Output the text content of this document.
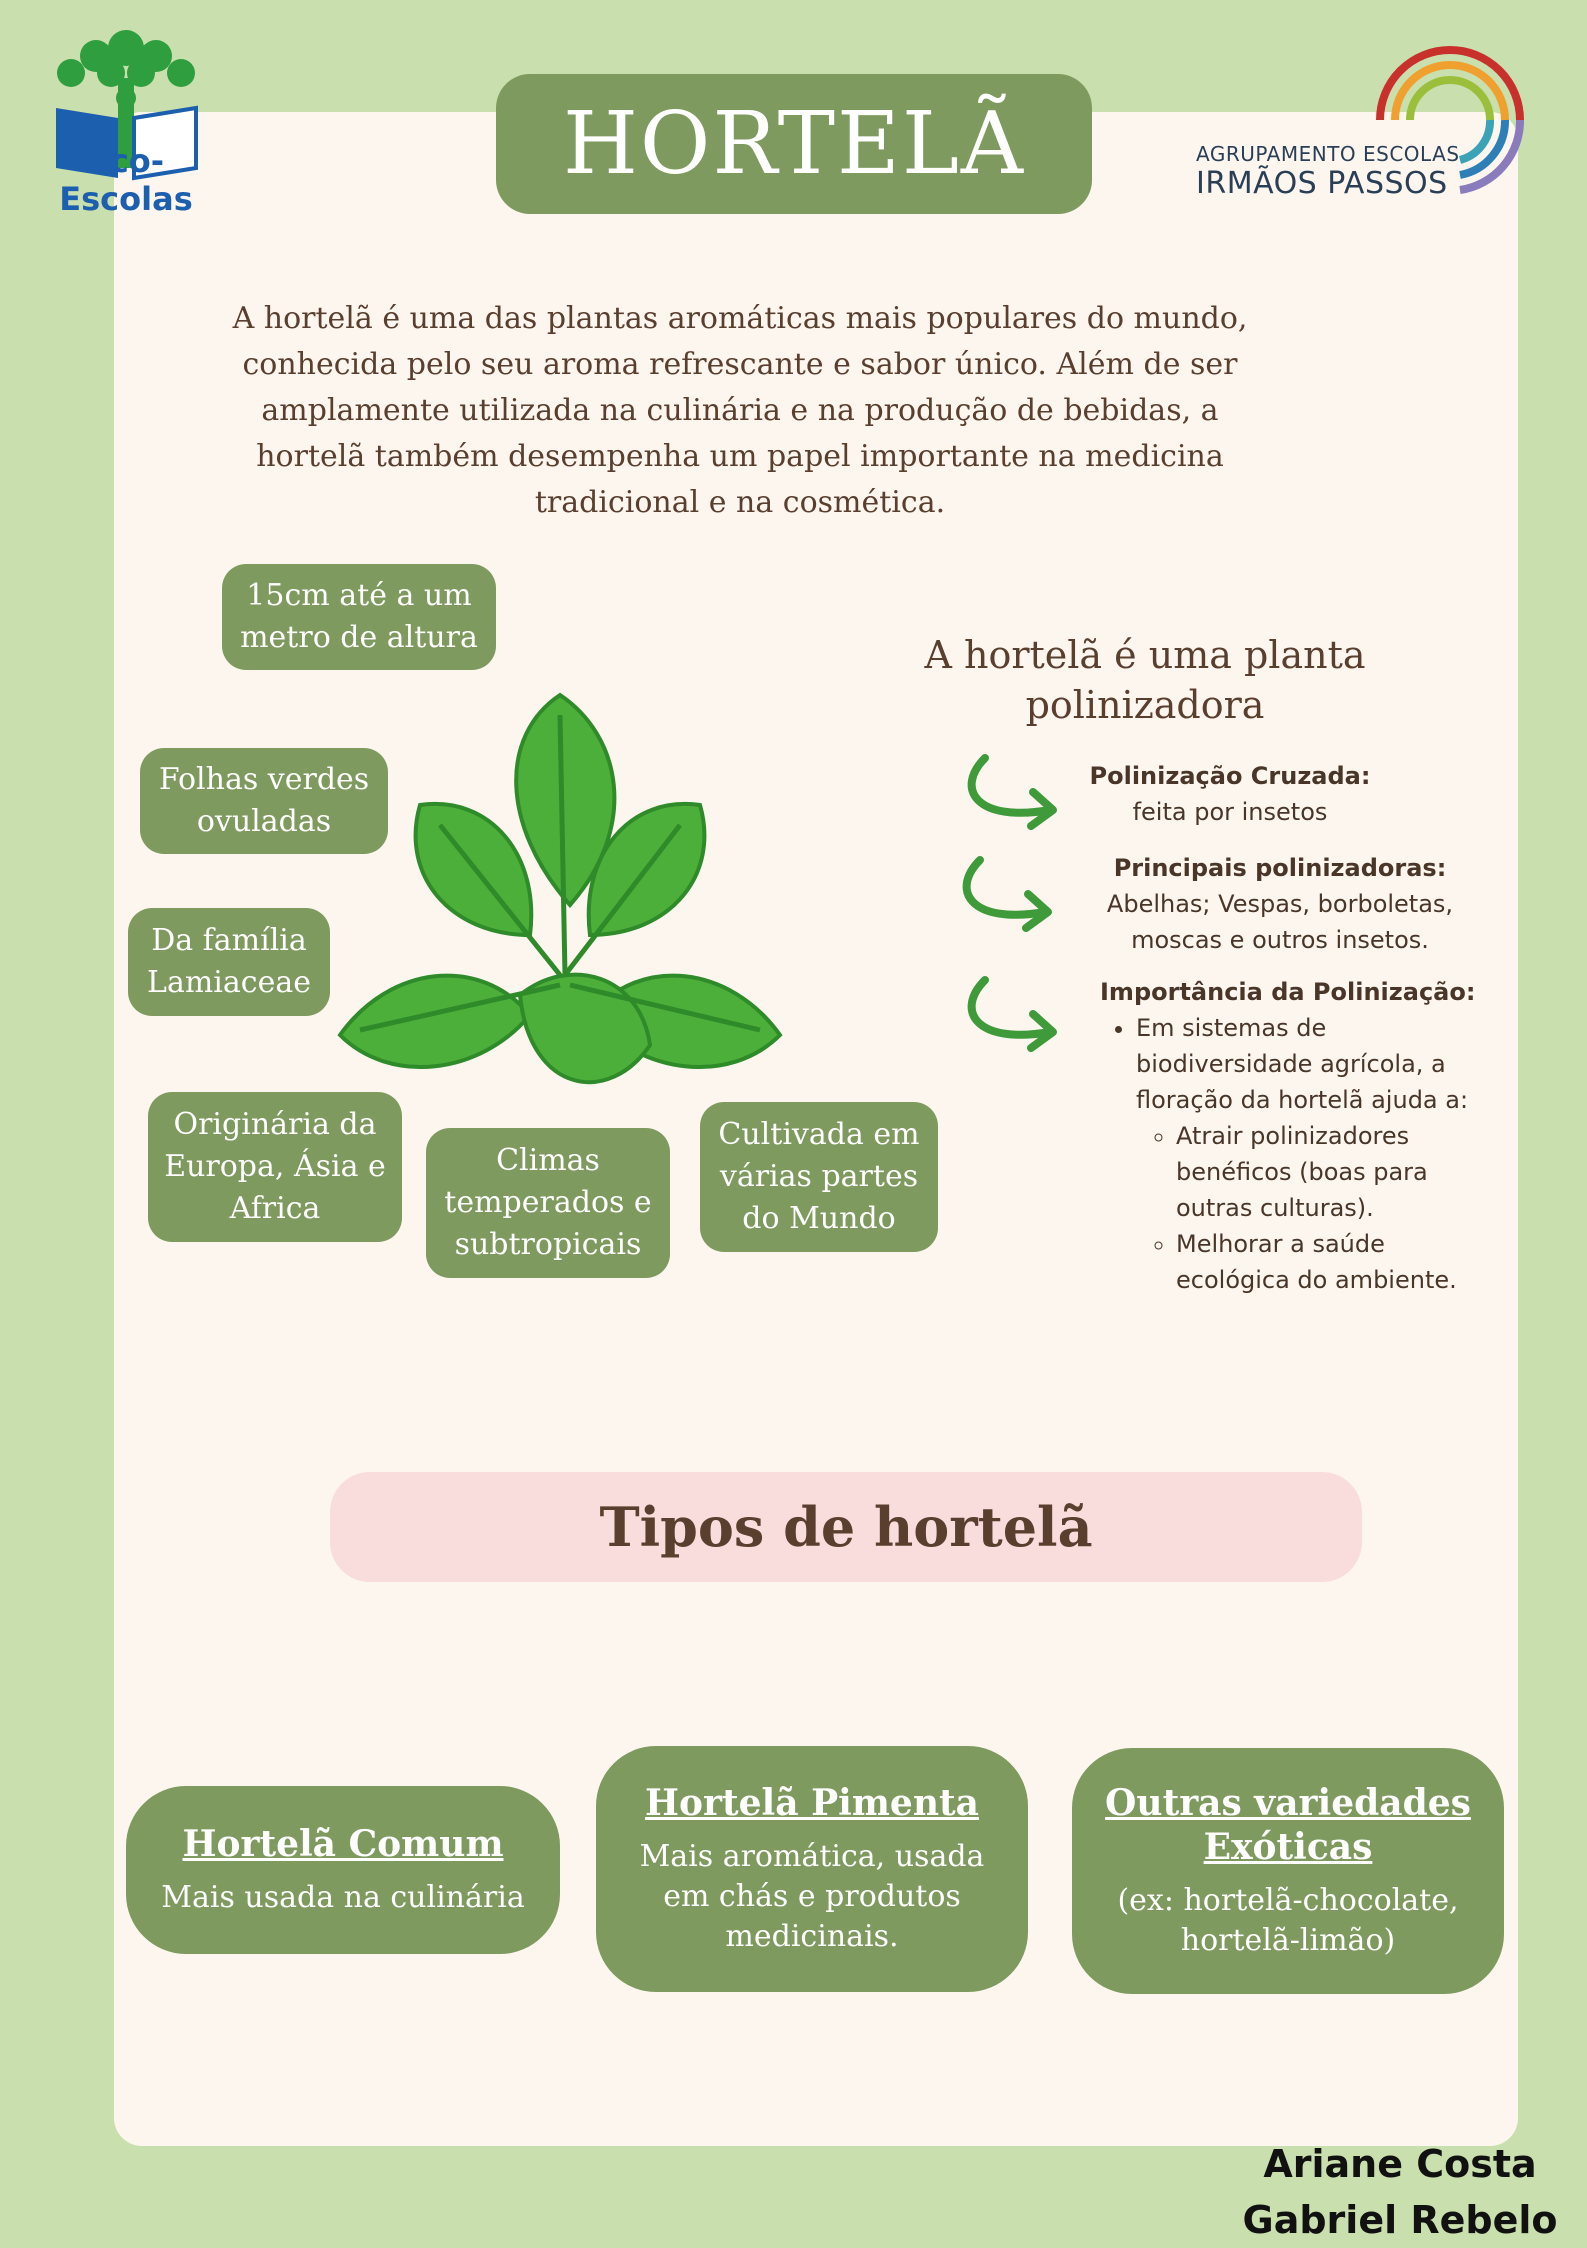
Eco-Escolas
HORTELÃ	AGRUPAMENTO ESCOLAS
IRMÃOS PASSOS
A hortelã é uma das plantas aromáticas mais populares do mundo, conhecida pelo seu aroma refrescante e sabor único. Além de ser amplamente utilizada na culinária e na produção de bebidas, a hortelã também desempenha um papel importante na medicina tradicional e na cosmética.
15cm até a um metro de altura
Folhas verdes ovuladas
Da família Lamiaceae
Originária da Europa, Ásia e Africa
Climas temperados e subtropicais
Cultivada em várias partes do Mundo
A hortelã é uma planta polinizadora
Polinização Cruzada:
feita por insetos
Principais polinizadoras:
Abelhas; Vespas, borboletas, moscas e outros insetos.
Importância da Polinização:
• Em sistemas de biodiversidade agrícola, a floração da hortelã ajuda a:
◦ Atrair polinizadores benéficos (boas para outras culturas).
◦ Melhorar a saúde ecológica do ambiente.
Tipos de hortelã
Hortelã Comum
Mais usada na culinária
Hortelã Pimenta
Mais aromática, usada em chás e produtos medicinais.
Outras variedades Exóticas
(ex: hortelã-chocolate, hortelã-limão)
Ariane Costa
Gabriel Rebelo
